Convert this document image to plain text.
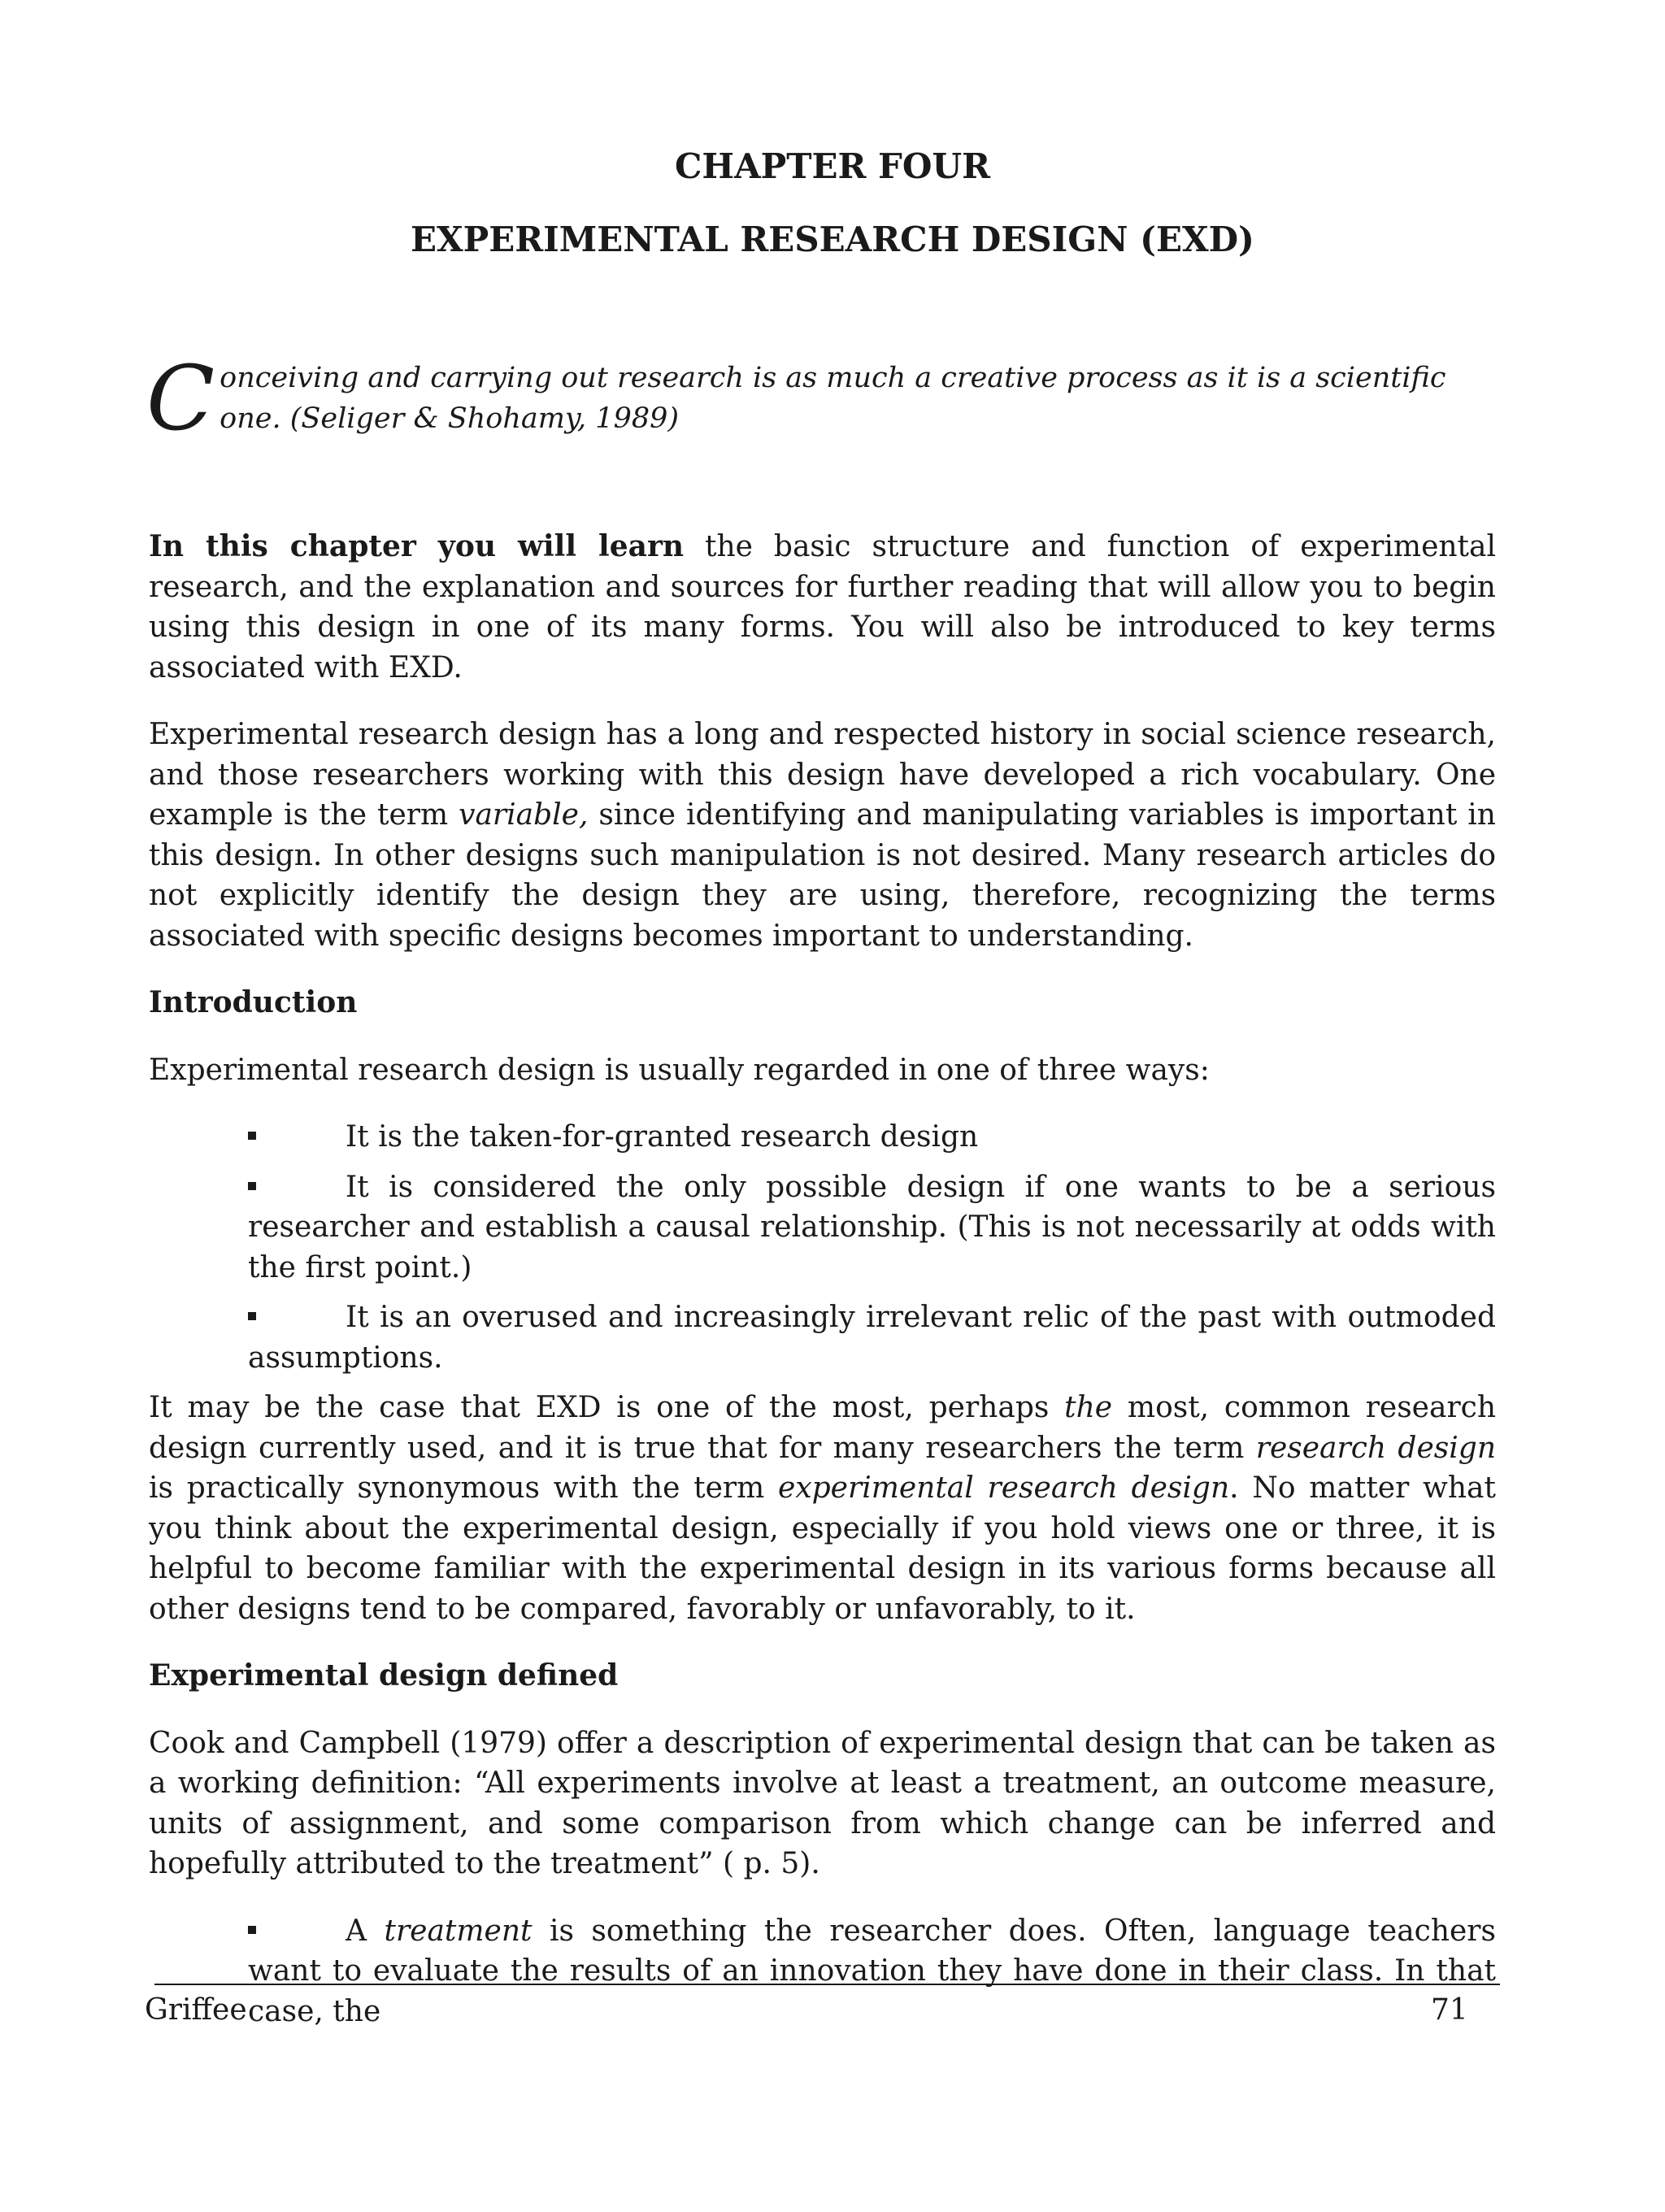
CHAPTER FOUR
EXPERIMENTAL RESEARCH DESIGN (EXD)
Conceiving and carrying out research is as much a creative process as it is a scientific one. (Seliger & Shohamy, 1989)

In this chapter you will learn the basic structure and function of experimental research, and the explanation and sources for further reading that will allow you to begin using this design in one of its many forms. You will also be introduced to key terms associated with EXD.

Experimental research design has a long and respected history in social science research, and those researchers working with this design have developed a rich vocabulary. One example is the term variable, since identifying and manipulating variables is important in this design. In other designs such manipulation is not desired. Many research articles do not explicitly identify the design they are using, therefore, recognizing the terms associated with specific designs becomes important to understanding.

Introduction

Experimental research design is usually regarded in one of three ways:

It is the taken-for-granted research design
It is considered the only possible design if one wants to be a serious researcher and establish a causal relationship. (This is not necessarily at odds with the first point.)
It is an overused and increasingly irrelevant relic of the past with outmoded assumptions.

It may be the case that EXD is one of the most, perhaps the most, common research design currently used, and it is true that for many researchers the term research design is practically synonymous with the term experimental research design. No matter what you think about the experimental design, especially if you hold views one or three, it is helpful to become familiar with the experimental design in its various forms because all other designs tend to be compared, favorably or unfavorably, to it.

Experimental design defined

Cook and Campbell (1979) offer a description of experimental design that can be taken as a working definition: “All experiments involve at least a treatment, an outcome measure, units of assignment, and some comparison from which change can be inferred and hopefully attributed to the treatment” ( p. 5).

A treatment is something the researcher does. Often, language teachers want to evaluate the results of an innovation they have done in their class. In that case, the
Griffee	71
